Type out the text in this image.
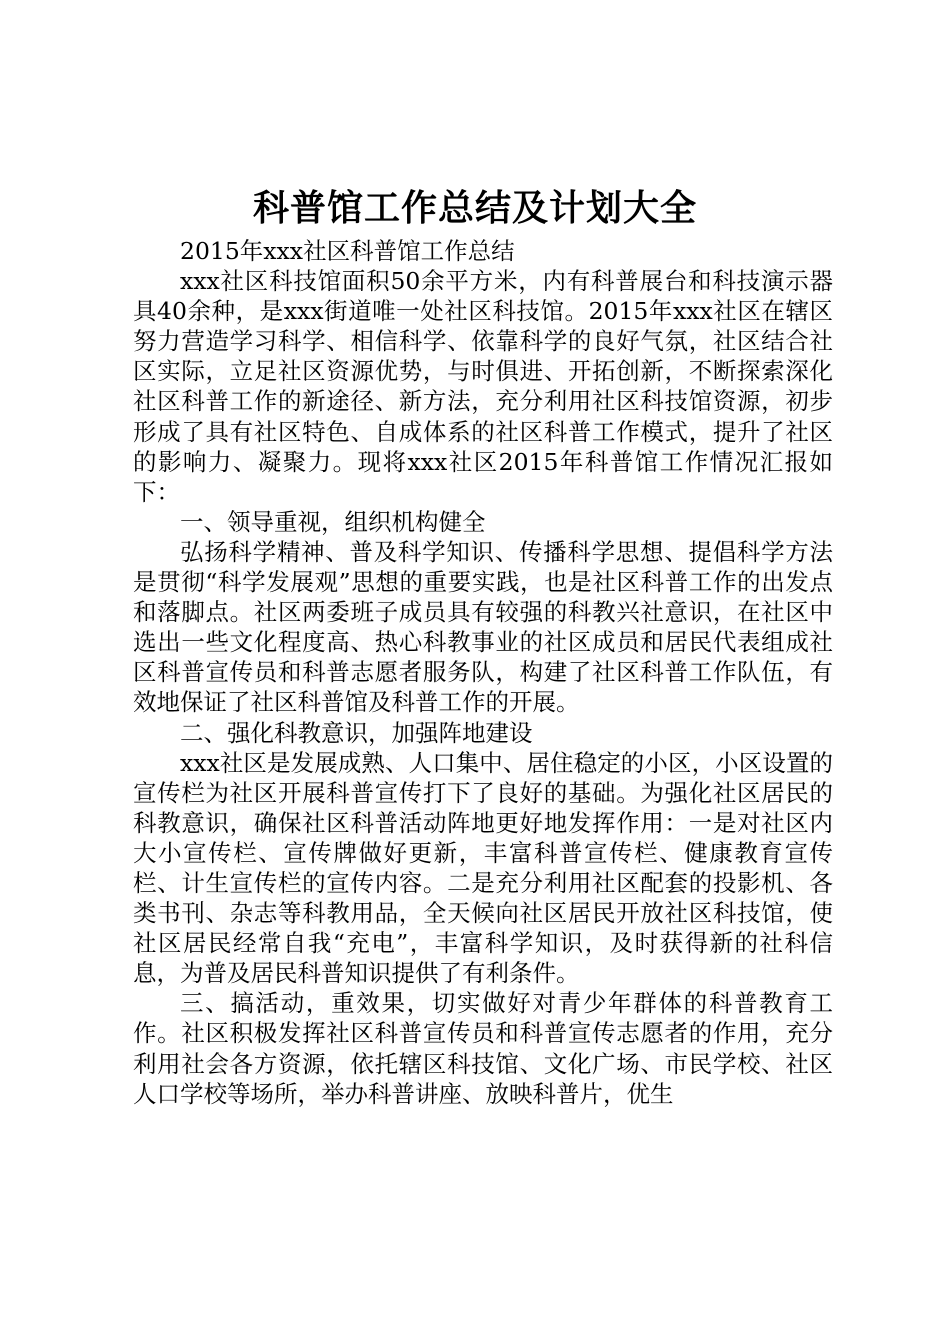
科普馆工作总结及计划大全

2015年xxx社区科普馆工作总结

xxx社区科技馆面积50余平方米，内有科普展台和科技演示器具40余种，是xxx街道唯一处社区科技馆。2015年xxx社区在辖区努力营造学习科学、相信科学、依靠科学的良好气氛，社区结合社区实际，立足社区资源优势，与时俱进、开拓创新，不断探索深化社区科普工作的新途径、新方法，充分利用社区科技馆资源，初步形成了具有社区特色、自成体系的社区科普工作模式，提升了社区的影响力、凝聚力。现将xxx社区2015年科普馆工作情况汇报如下：

一、领导重视，组织机构健全

弘扬科学精神、普及科学知识、传播科学思想、提倡科学方法是贯彻“科学发展观”思想的重要实践，也是社区科普工作的出发点和落脚点。社区两委班子成员具有较强的科教兴社意识，在社区中选出一些文化程度高、热心科教事业的社区成员和居民代表组成社区科普宣传员和科普志愿者服务队，构建了社区科普工作队伍，有效地保证了社区科普馆及科普工作的开展。

二、强化科教意识，加强阵地建设

xxx社区是发展成熟、人口集中、居住稳定的小区，小区设置的宣传栏为社区开展科普宣传打下了良好的基础。为强化社区居民的科教意识，确保社区科普活动阵地更好地发挥作用：一是对社区内大小宣传栏、宣传牌做好更新，丰富科普宣传栏、健康教育宣传栏、计生宣传栏的宣传内容。二是充分利用社区配套的投影机、各类书刊、杂志等科教用品，全天候向社区居民开放社区科技馆，使社区居民经常自我“充电”，丰富科学知识，及时获得新的社科信息，为普及居民科普知识提供了有利条件。

三、搞活动，重效果，切实做好对青少年群体的科普教育工作。社区积极发挥社区科普宣传员和科普宣传志愿者的作用，充分利用社会各方资源，依托辖区科技馆、文化广场、市民学校、社区人口学校等场所，举办科普讲座、放映科普片，优生
